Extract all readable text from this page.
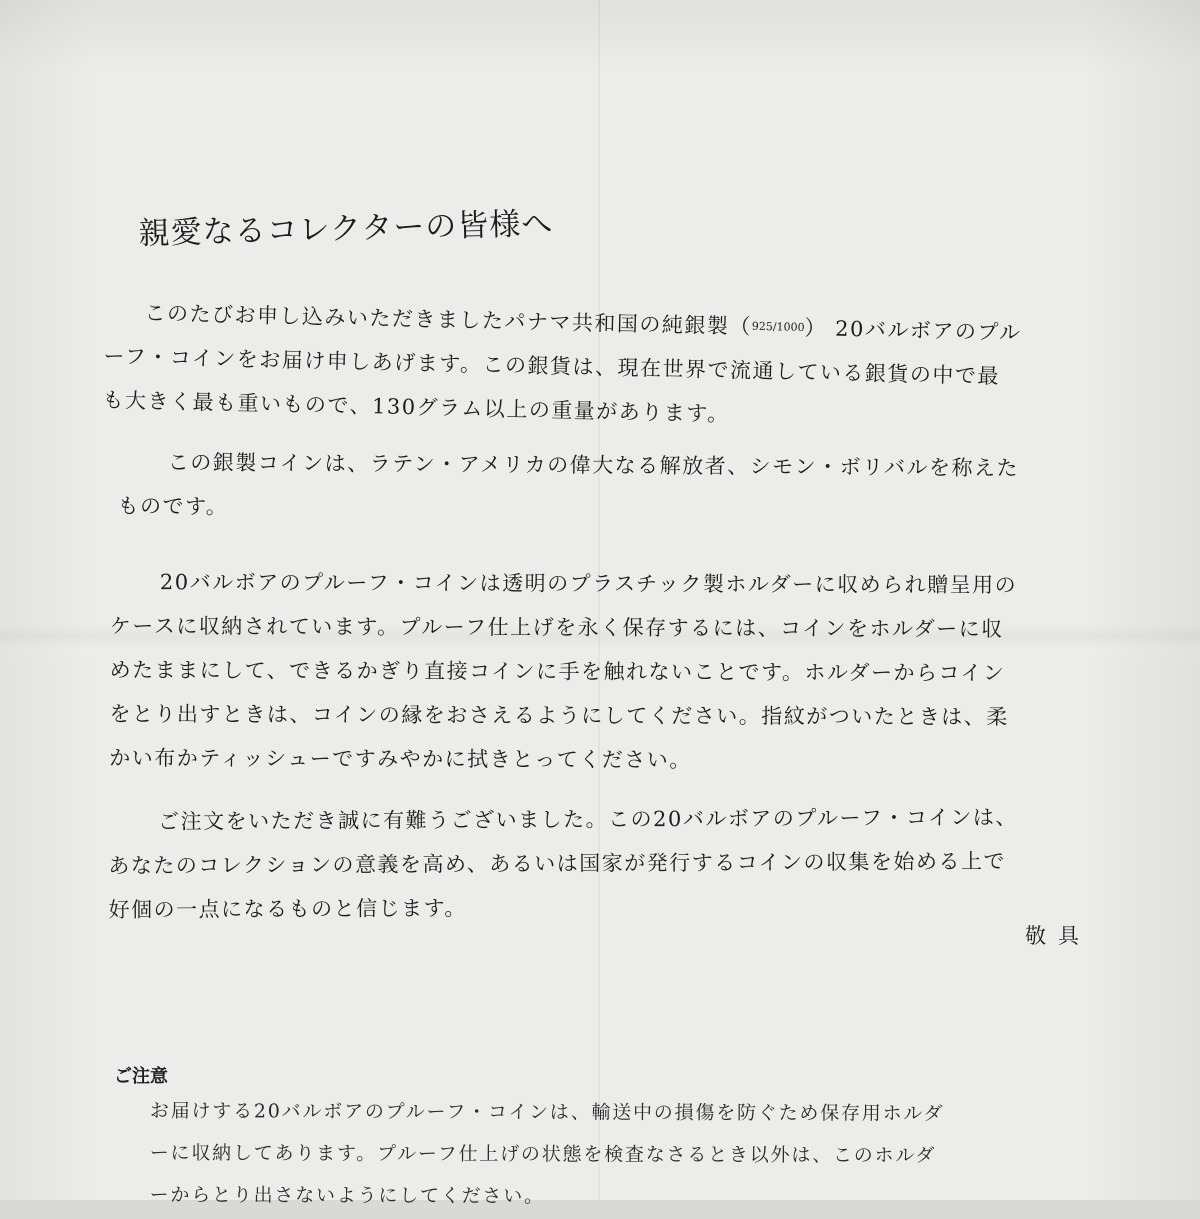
親愛なるコレクターの皆様へ

このたびお申し込みいただきましたパナマ共和国の純銀製（925/1000） 20バルボアのプル
ーフ・コインをお届け申しあげます。この銀貨は、現在世界で流通している銀貨の中で最
も大きく最も重いもので、130グラム以上の重量があります。

この銀製コインは、ラテン・アメリカの偉大なる解放者、シモン・ボリバルを称えた
ものです。

20バルボアのプルーフ・コインは透明のプラスチック製ホルダーに収められ贈呈用の
ケースに収納されています。プルーフ仕上げを永く保存するには、コインをホルダーに収
めたままにして、できるかぎり直接コインに手を触れないことです。ホルダーからコイン
をとり出すときは、コインの縁をおさえるようにしてください。指紋がついたときは、柔
かい布かティッシューですみやかに拭きとってください。

ご注文をいただき誠に有難うございました。この20バルボアのプルーフ・コインは、
あなたのコレクションの意義を高め、あるいは国家が発行するコインの収集を始める上で
好個の一点になるものと信じます。

敬具

ご注意

お届けする20バルボアのプルーフ・コインは、輸送中の損傷を防ぐため保存用ホルダ
ーに収納してあります。プルーフ仕上げの状態を検査なさるとき以外は、このホルダ
ーからとり出さないようにしてください。
